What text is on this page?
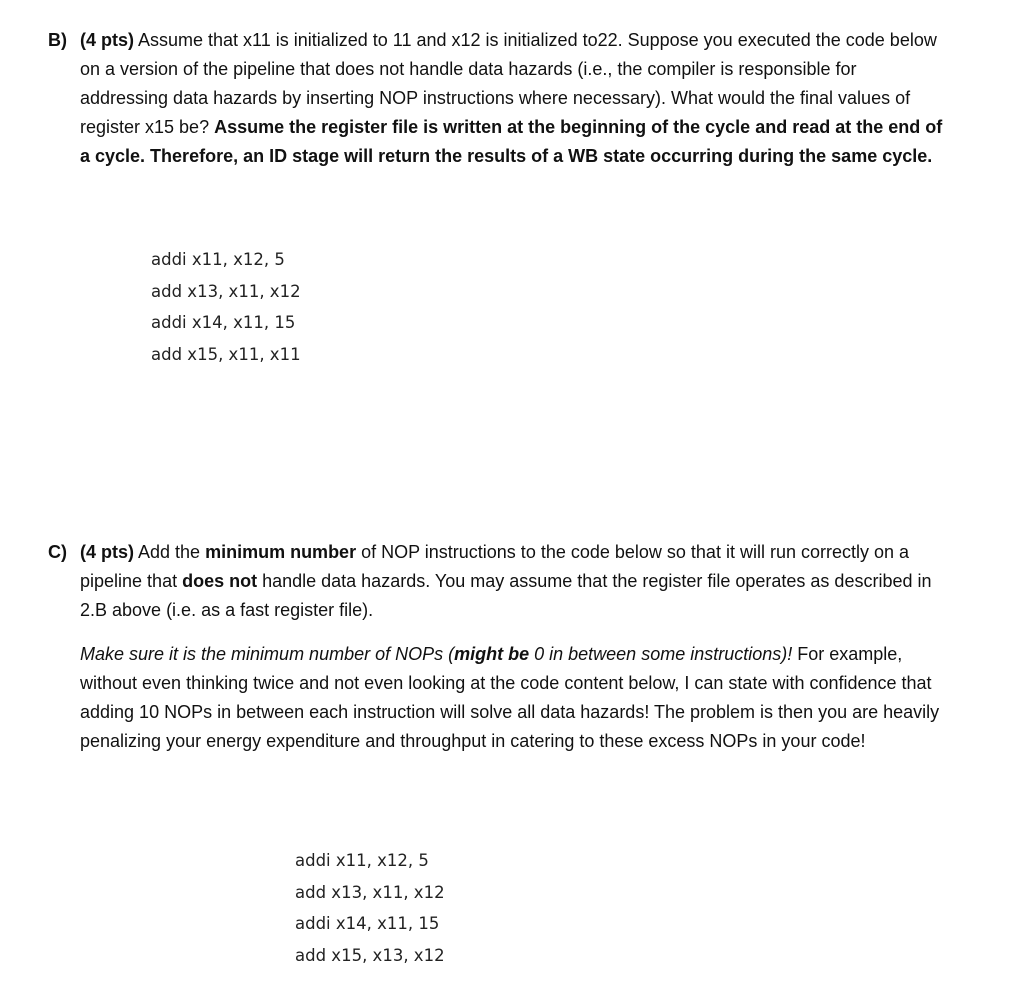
B) (4 pts) Assume that x11 is initialized to 11 and x12 is initialized to22. Suppose you executed the code below on a version of the pipeline that does not handle data hazards (i.e., the compiler is responsible for addressing data hazards by inserting NOP instructions where necessary). What would the final values of register x15 be? Assume the register file is written at the beginning of the cycle and read at the end of a cycle. Therefore, an ID stage will return the results of a WB state occurring during the same cycle.

addi x11, x12, 5
add x13, x11, x12
addi x14, x11, 15
add x15, x11, x11
C) (4 pts) Add the minimum number of NOP instructions to the code below so that it will run correctly on a pipeline that does not handle data hazards. You may assume that the register file operates as described in 2.B above (i.e. as a fast register file).

Make sure it is the minimum number of NOPs (might be 0 in between some instructions)! For example, without even thinking twice and not even looking at the code content below, I can state with confidence that adding 10 NOPs in between each instruction will solve all data hazards! The problem is then you are heavily penalizing your energy expenditure and throughput in catering to these excess NOPs in your code!

addi x11, x12, 5
add x13, x11, x12
addi x14, x11, 15
add x15, x13, x12
